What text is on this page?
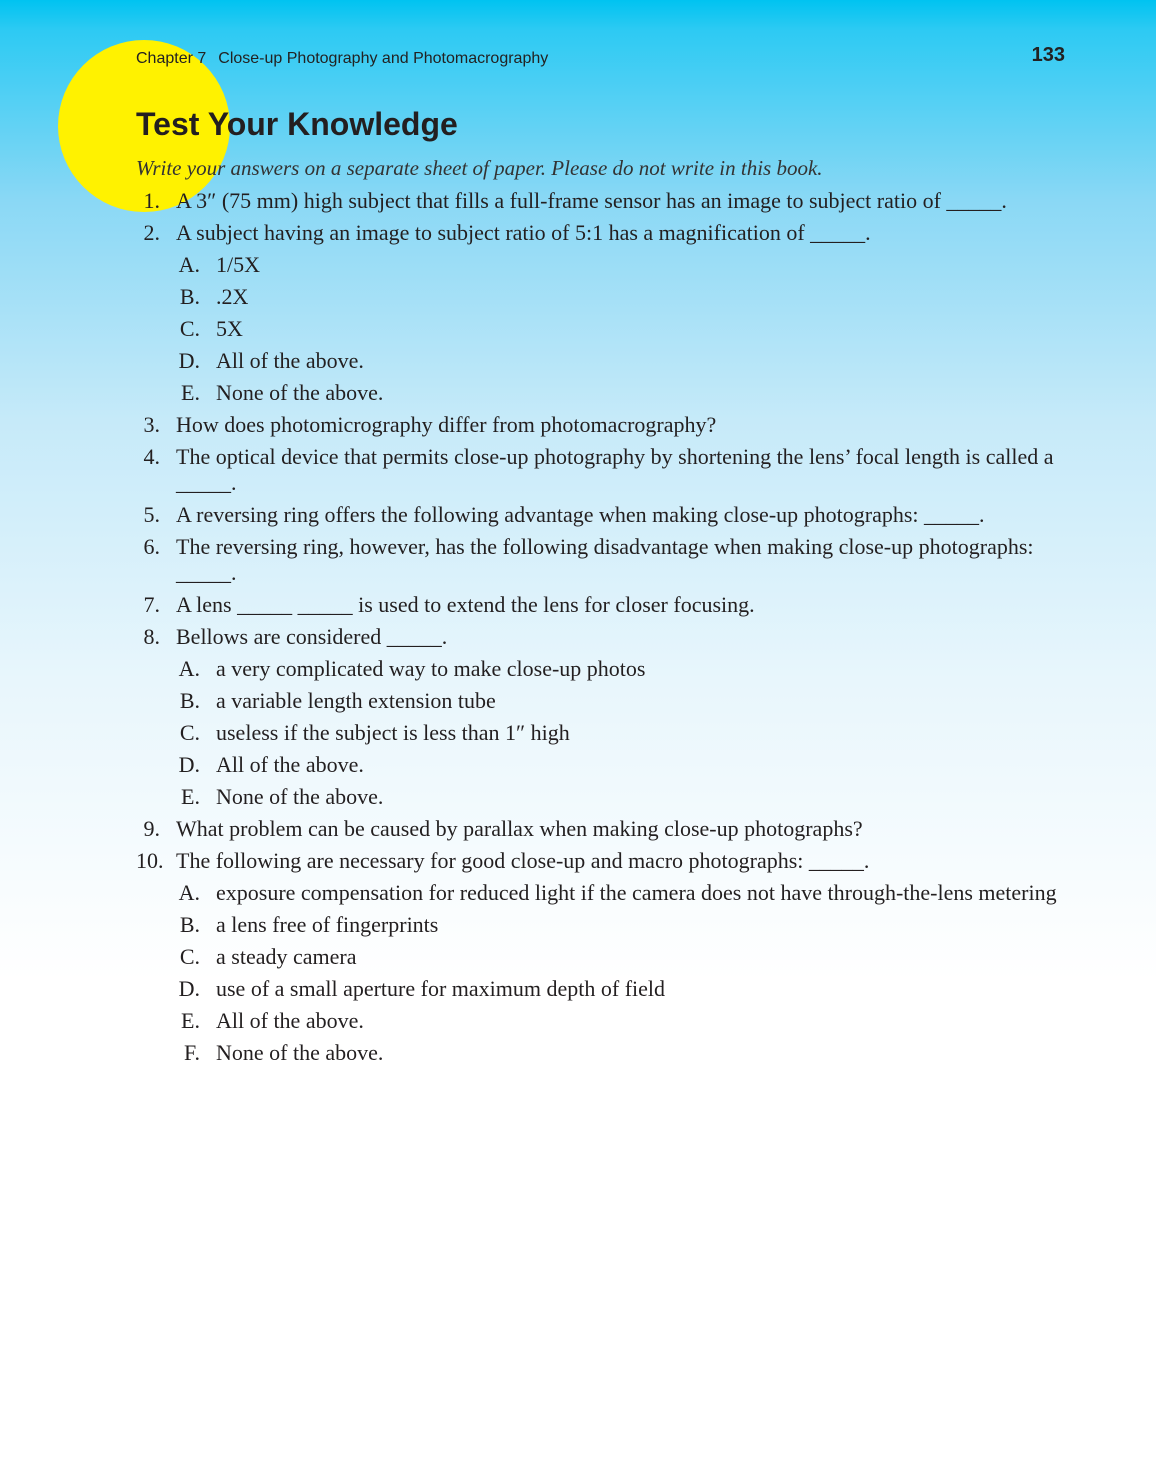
Chapter 7 Close-up Photography and Photomacrography	133
Test Your Knowledge
Write your answers on a separate sheet of paper. Please do not write in this book.
1. A 3″ (75 mm) high subject that fills a full-frame sensor has an image to subject ratio of _____.
2. A subject having an image to subject ratio of 5:1 has a magnification of _____.
A. 1/5X
B. .2X
C. 5X
D. All of the above.
E. None of the above.
3. How does photomicrography differ from photomacrography?
4. The optical device that permits close-up photography by shortening the lens’ focal length is called a _____.
5. A reversing ring offers the following advantage when making close-up photographs: _____.
6. The reversing ring, however, has the following disadvantage when making close-up photographs: _____.
7. A lens _____ _____ is used to extend the lens for closer focusing.
8. Bellows are considered _____.
A. a very complicated way to make close-up photos
B. a variable length extension tube
C. useless if the subject is less than 1″ high
D. All of the above.
E. None of the above.
9. What problem can be caused by parallax when making close-up photographs?
10. The following are necessary for good close-up and macro photographs: _____.
A. exposure compensation for reduced light if the camera does not have through-the-lens metering
B. a lens free of fingerprints
C. a steady camera
D. use of a small aperture for maximum depth of field
E. All of the above.
F. None of the above.
